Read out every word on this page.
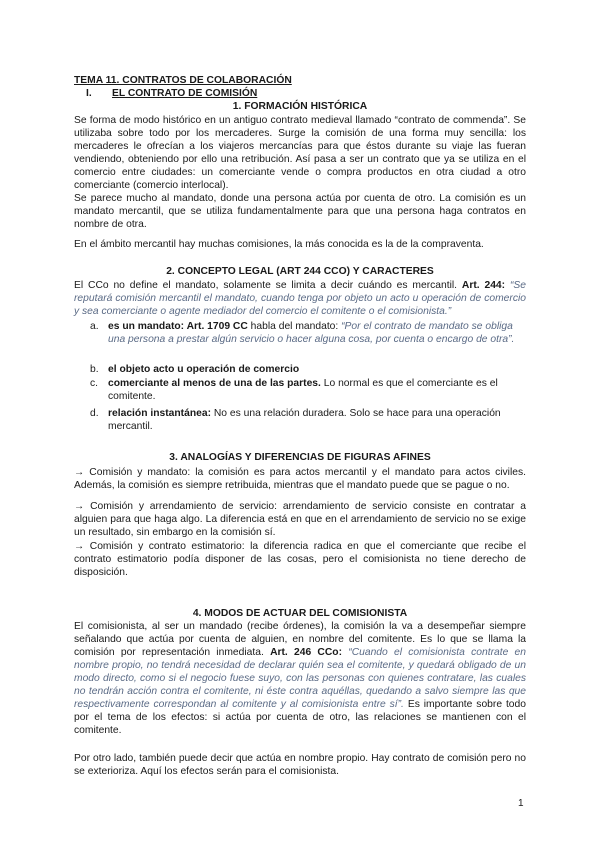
TEMA 11. CONTRATOS DE COLABORACIÓN
I. EL CONTRATO DE COMISIÓN
1. FORMACIÓN HISTÓRICA

Se forma de modo histórico en un antiguo contrato medieval llamado “contrato de commenda”. Se utilizaba sobre todo por los mercaderes. Surge la comisión de una forma muy sencilla: los mercaderes le ofrecían a los viajeros mercancías para que éstos durante su viaje las fueran vendiendo, obteniendo por ello una retribución. Así pasa a ser un contrato que ya se utiliza en el comercio entre ciudades: un comerciante vende o compra productos en otra ciudad a otro comerciante (comercio interlocal).

Se parece mucho al mandato, donde una persona actúa por cuenta de otro. La comisión es un mandato mercantil, que se utiliza fundamentalmente para que una persona haga contratos en nombre de otra.

En el ámbito mercantil hay muchas comisiones, la más conocida es la de la compraventa.

2. CONCEPTO LEGAL (ART 244 CCO) Y CARACTERES

El CCo no define el mandato, solamente se limita a decir cuándo es mercantil. Art. 244: “Se reputará comisión mercantil el mandato, cuando tenga por objeto un acto u operación de comercio y sea comerciante o agente mediador del comercio el comitente o el comisionista.”

a. es un mandato: Art. 1709 CC habla del mandato: “Por el contrato de mandato se obliga una persona a prestar algún servicio o hacer alguna cosa, por cuenta o encargo de otra”.
b. el objeto acto u operación de comercio
c. comerciante al menos de una de las partes. Lo normal es que el comerciante es el comitente.
d. relación instantánea: No es una relación duradera. Solo se hace para una operación mercantil.
3. ANALOGÍAS Y DIFERENCIAS DE FIGURAS AFINES

→ Comisión y mandato: la comisión es para actos mercantil y el mandato para actos civiles. Además, la comisión es siempre retribuida, mientras que el mandato puede que se pague o no.

→ Comisión y arrendamiento de servicio: arrendamiento de servicio consiste en contratar a alguien para que haga algo. La diferencia está en que en el arrendamiento de servicio no se exige un resultado, sin embargo en la comisión sí.

→ Comisión y contrato estimatorio: la diferencia radica en que el comerciante que recibe el contrato estimatorio podía disponer de las cosas, pero el comisionista no tiene derecho de disposición.

4. MODOS DE ACTUAR DEL COMISIONISTA

El comisionista, al ser un mandado (recibe órdenes), la comisión la va a desempeñar siempre señalando que actúa por cuenta de alguien, en nombre del comitente. Es lo que se llama la comisión por representación inmediata. Art. 246 CCo: “Cuando el comisionista contrate en nombre propio, no tendrá necesidad de declarar quién sea el comitente, y quedará obligado de un modo directo, como si el negocio fuese suyo, con las personas con quienes contratare, las cuales no tendrán acción contra el comitente, ni éste contra aquéllas, quedando a salvo siempre las que respectivamente correspondan al comitente y al comisionista entre sí”. Es importante sobre todo por el tema de los efectos: si actúa por cuenta de otro, las relaciones se mantienen con el comitente.

Por otro lado, también puede decir que actúa en nombre propio. Hay contrato de comisión pero no se exterioriza. Aquí los efectos serán para el comisionista.

1
